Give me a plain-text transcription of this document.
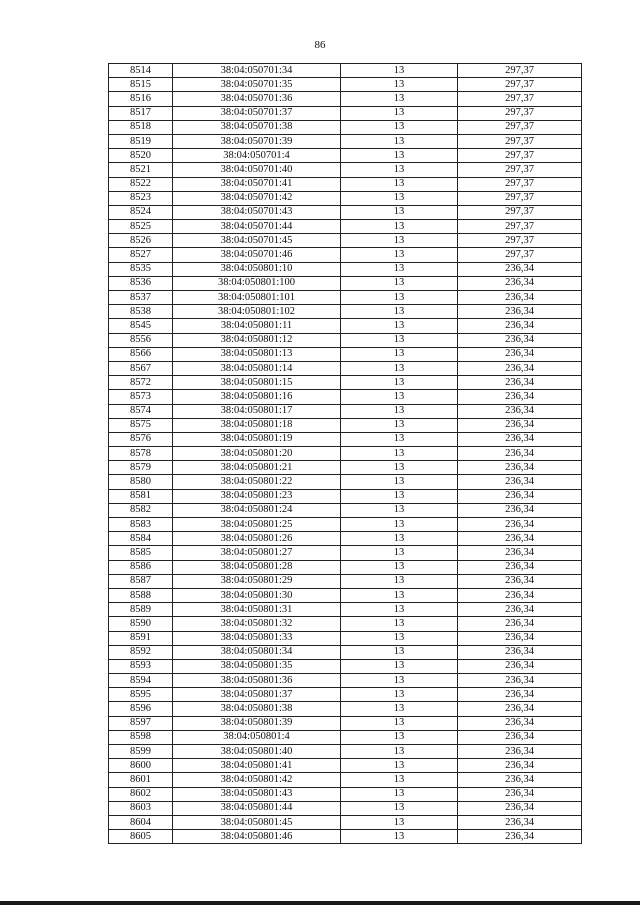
86
8514	38:04:050701:34	13	297,37
8515	38:04:050701:35	13	297,37
8516	38:04:050701:36	13	297,37
8517	38:04:050701:37	13	297,37
8518	38:04:050701:38	13	297,37
8519	38:04:050701:39	13	297,37
8520	38:04:050701:4	13	297,37
8521	38:04:050701:40	13	297,37
8522	38:04:050701:41	13	297,37
8523	38:04:050701:42	13	297,37
8524	38:04:050701:43	13	297,37
8525	38:04:050701:44	13	297,37
8526	38:04:050701:45	13	297,37
8527	38:04:050701:46	13	297,37
8535	38:04:050801:10	13	236,34
8536	38:04:050801:100	13	236,34
8537	38:04:050801:101	13	236,34
8538	38:04:050801:102	13	236,34
8545	38:04:050801:11	13	236,34
8556	38:04:050801:12	13	236,34
8566	38:04:050801:13	13	236,34
8567	38:04:050801:14	13	236,34
8572	38:04:050801:15	13	236,34
8573	38:04:050801:16	13	236,34
8574	38:04:050801:17	13	236,34
8575	38:04:050801:18	13	236,34
8576	38:04:050801:19	13	236,34
8578	38:04:050801:20	13	236,34
8579	38:04:050801:21	13	236,34
8580	38:04:050801:22	13	236,34
8581	38:04:050801:23	13	236,34
8582	38:04:050801:24	13	236,34
8583	38:04:050801:25	13	236,34
8584	38:04:050801:26	13	236,34
8585	38:04:050801:27	13	236,34
8586	38:04:050801:28	13	236,34
8587	38:04:050801:29	13	236,34
8588	38:04:050801:30	13	236,34
8589	38:04:050801:31	13	236,34
8590	38:04:050801:32	13	236,34
8591	38:04:050801:33	13	236,34
8592	38:04:050801:34	13	236,34
8593	38:04:050801:35	13	236,34
8594	38:04:050801:36	13	236,34
8595	38:04:050801:37	13	236,34
8596	38:04:050801:38	13	236,34
8597	38:04:050801:39	13	236,34
8598	38:04:050801:4	13	236,34
8599	38:04:050801:40	13	236,34
8600	38:04:050801:41	13	236,34
8601	38:04:050801:42	13	236,34
8602	38:04:050801:43	13	236,34
8603	38:04:050801:44	13	236,34
8604	38:04:050801:45	13	236,34
8605	38:04:050801:46	13	236,34
